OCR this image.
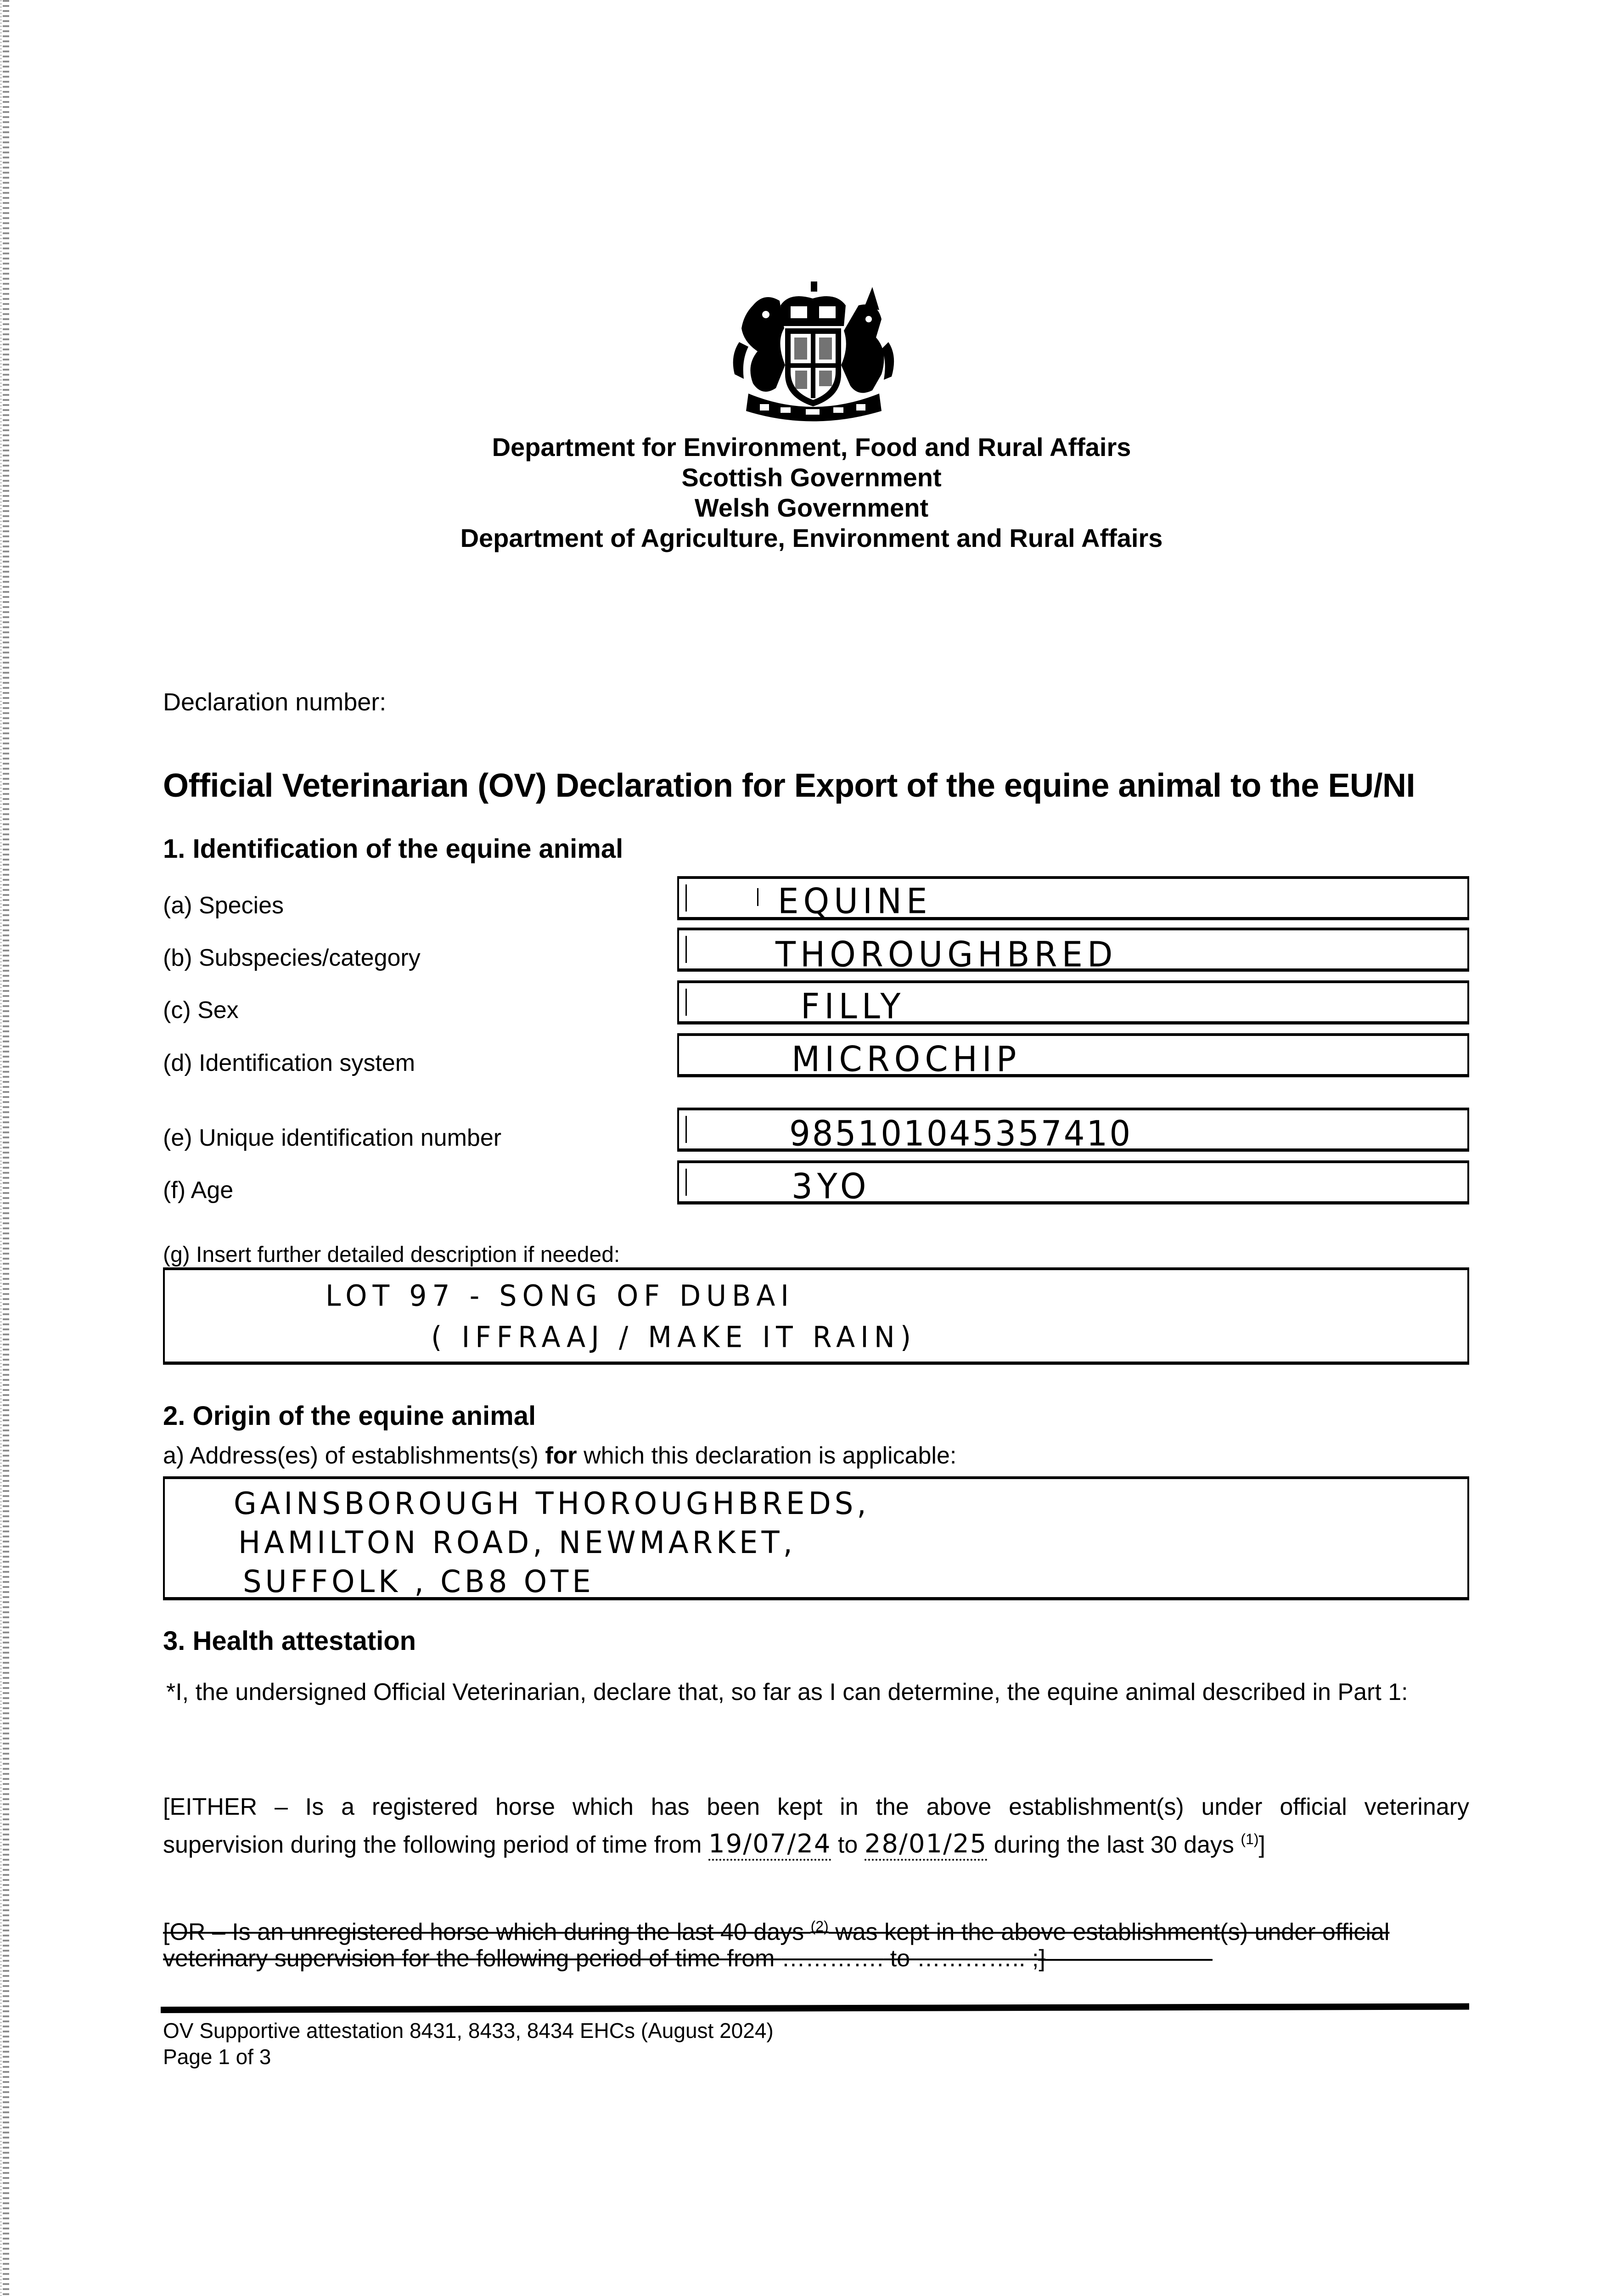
Department for Environment, Food and Rural Affairs
Scottish Government
Welsh Government
Department of Agriculture, Environment and Rural Affairs
Declaration number:
Official Veterinarian (OV) Declaration for Export of the equine animal to the EU/NI
1. Identification of the equine animal
(a) Species	EQUINE
(b) Subspecies/category	THOROUGHBRED
(c) Sex	FILLY
(d) Identification system	MICROCHIP
(e) Unique identification number	985101045357410
(f) Age	3YO
(g) Insert further detailed description if needed:
LOT 97 - SONG OF DUBAI
( IFFRAAJ / MAKE IT RAIN)
2. Origin of the equine animal
a) Address(es) of establishments(s) for which this declaration is applicable:
GAINSBOROUGH THOROUGHBREDS,
HAMILTON ROAD, NEWMARKET,
SUFFOLK , CB8 OTE
3. Health attestation
*I, the undersigned Official Veterinarian, declare that, so far as I can determine, the equine animal described in Part 1:
[EITHER – Is a registered horse which has been kept in the above establishment(s) under official veterinary
supervision during the following period of time from 19/07/24 to 28/01/25 during the last 30 days $^{(1)}$]
[OR – Is an unregistered horse which during the last 40 days $^{(2)}$ was kept in the above establishment(s) under official
veterinary supervision for the following period of time from …………. to ………….. ;]
OV Supportive attestation 8431, 8433, 8434 EHCs (August 2024)
Page 1 of 3
